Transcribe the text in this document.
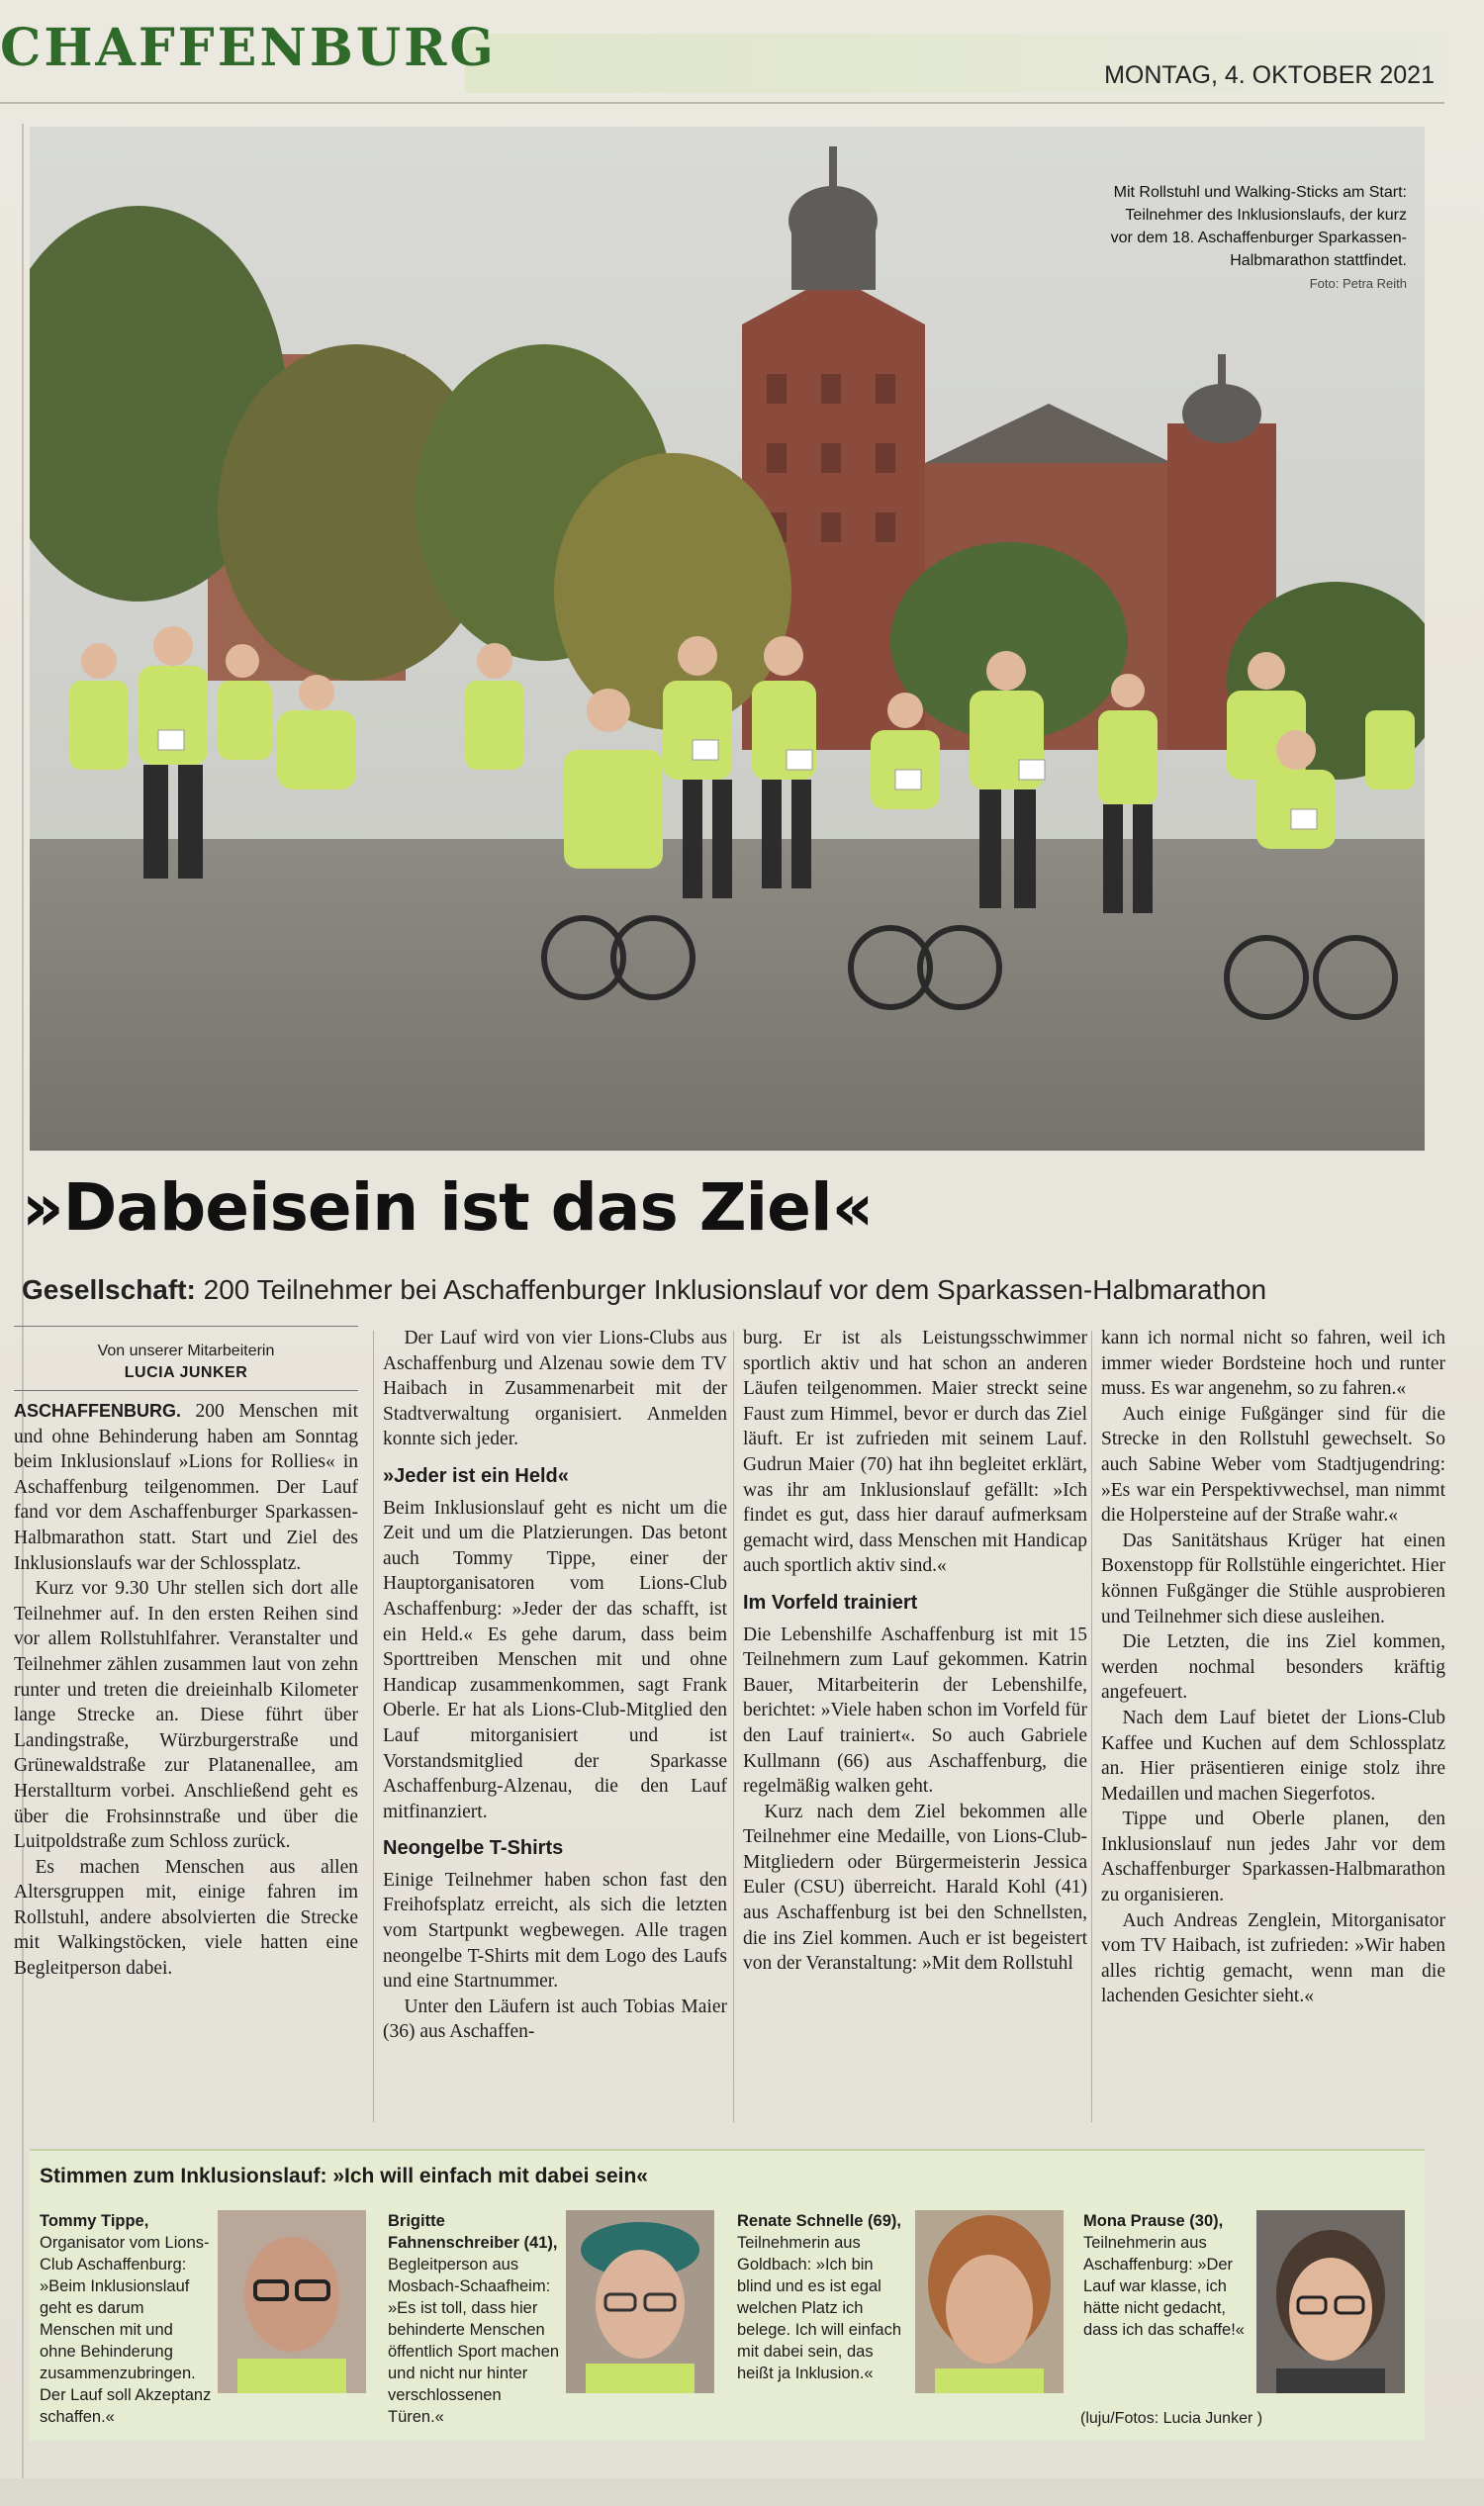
CHAFFENBURG	MONTAG, 4. OKTOBER 2021
Mit Rollstuhl und Walking-Sticks am Start: Teilnehmer des Inklusionslaufs, der kurz vor dem 18. Aschaffenburger Sparkassen-Halbmarathon stattfindet.
Foto: Petra Reith
»Dabeisein ist das Ziel«
Gesellschaft: 200 Teilnehmer bei Aschaffenburger Inklusionslauf vor dem Sparkassen-Halbmarathon
Von unserer Mitarbeiterin
LUCIA JUNKER

ASCHAFFENBURG. 200 Menschen mit und ohne Behinderung haben am Sonntag beim Inklusionslauf »Lions for Rollies« in Aschaffenburg teilgenommen. Der Lauf fand vor dem Aschaffenburger Sparkassen-Halbmarathon statt. Start und Ziel des Inklusionslaufs war der Schlossplatz.

Kurz vor 9.30 Uhr stellen sich dort alle Teilnehmer auf. In den ersten Reihen sind vor allem Rollstuhlfahrer. Veranstalter und Teilnehmer zählen zusammen laut von zehn runter und treten die dreieinhalb Kilometer lange Strecke an. Diese führt über Landingstraße, Würzburgerstraße und Grünewaldstraße zur Platanenallee, am Herstallturm vorbei. Anschließend geht es über die Frohsinnstraße und über die Luitpoldstraße zum Schloss zurück.

Es machen Menschen aus allen Altersgruppen mit, einige fahren im Rollstuhl, andere absolvierten die Strecke mit Walkingstöcken, viele hatten eine Begleitperson dabei.

Der Lauf wird von vier Lions-Clubs aus Aschaffenburg und Alzenau sowie dem TV Haibach in Zusammenarbeit mit der Stadtverwaltung organisiert. Anmelden konnte sich jeder.

»Jeder ist ein Held«

Beim Inklusionslauf geht es nicht um die Zeit und um die Platzierungen. Das betont auch Tommy Tippe, einer der Hauptorganisatoren vom Lions-Club Aschaffenburg: »Jeder der das schafft, ist ein Held.« Es gehe darum, dass beim Sporttreiben Menschen mit und ohne Handicap zusammenkommen, sagt Frank Oberle. Er hat als Lions-Club-Mitglied den Lauf mitorganisiert und ist Vorstandsmitglied der Sparkasse Aschaffenburg-Alzenau, die den Lauf mitfinanziert.

Neongelbe T-Shirts

Einige Teilnehmer haben schon fast den Freihofsplatz erreicht, als sich die letzten vom Startpunkt wegbewegen. Alle tragen neongelbe T-Shirts mit dem Logo des Laufs und eine Startnummer.

Unter den Läufern ist auch Tobias Maier (36) aus Aschaffen-

burg. Er ist als Leistungsschwimmer sportlich aktiv und hat schon an anderen Läufen teilgenommen. Maier streckt seine Faust zum Himmel, bevor er durch das Ziel läuft. Er ist zufrieden mit seinem Lauf. Gudrun Maier (70) hat ihn begleitet erklärt, was ihr am Inklusionslauf gefällt: »Ich findet es gut, dass hier darauf aufmerksam gemacht wird, dass Menschen mit Handicap auch sportlich aktiv sind.«

Im Vorfeld trainiert

Die Lebenshilfe Aschaffenburg ist mit 15 Teilnehmern zum Lauf gekommen. Katrin Bauer, Mitarbeiterin der Lebenshilfe, berichtet: »Viele haben schon im Vorfeld für den Lauf trainiert«. So auch Gabriele Kullmann (66) aus Aschaffenburg, die regelmäßig walken geht.

Kurz nach dem Ziel bekommen alle Teilnehmer eine Medaille, von Lions-Club-Mitgliedern oder Bürgermeisterin Jessica Euler (CSU) überreicht. Harald Kohl (41) aus Aschaffenburg ist bei den Schnellsten, die ins Ziel kommen. Auch er ist begeistert von der Veranstaltung: »Mit dem Rollstuhl

kann ich normal nicht so fahren, weil ich immer wieder Bordsteine hoch und runter muss. Es war angenehm, so zu fahren.«

Auch einige Fußgänger sind für die Strecke in den Rollstuhl gewechselt. So auch Sabine Weber vom Stadtjugendring: »Es war ein Perspektivwechsel, man nimmt die Holpersteine auf der Straße wahr.«

Das Sanitätshaus Krüger hat einen Boxenstopp für Rollstühle eingerichtet. Hier können Fußgänger die Stühle ausprobieren und Teilnehmer sich diese ausleihen.

Die Letzten, die ins Ziel kommen, werden nochmal besonders kräftig angefeuert.

Nach dem Lauf bietet der Lions-Club Kaffee und Kuchen auf dem Schlossplatz an. Hier präsentieren einige stolz ihre Medaillen und machen Siegerfotos.

Tippe und Oberle planen, den Inklusionslauf nun jedes Jahr vor dem Aschaffenburger Sparkassen-Halbmarathon zu organisieren.

Auch Andreas Zenglein, Mitorganisator vom TV Haibach, ist zufrieden: »Wir haben alles richtig gemacht, wenn man die lachenden Gesichter sieht.«

Stimmen zum Inklusionslauf: »Ich will einfach mit dabei sein«
Tommy Tippe, Organisator vom Lions-Club Aschaffenburg: »Beim Inklusionslauf geht es darum Menschen mit und ohne Behinderung zusammenzubringen. Der Lauf soll Akzeptanz schaffen.«
Brigitte Fahnenschreiber (41), Begleitperson aus Mosbach-Schaafheim: »Es ist toll, dass hier behinderte Menschen öffentlich Sport machen und nicht nur hinter verschlossenen Türen.«
Renate Schnelle (69), Teilnehmerin aus Goldbach: »Ich bin blind und es ist egal welchen Platz ich belege. Ich will einfach mit dabei sein, das heißt ja Inklusion.«
Mona Prause (30), Teilnehmerin aus Aschaffenburg: »Der Lauf war klasse, ich hätte nicht gedacht, dass ich das schaffe!«
(luju/Fotos: Lucia Junker )
